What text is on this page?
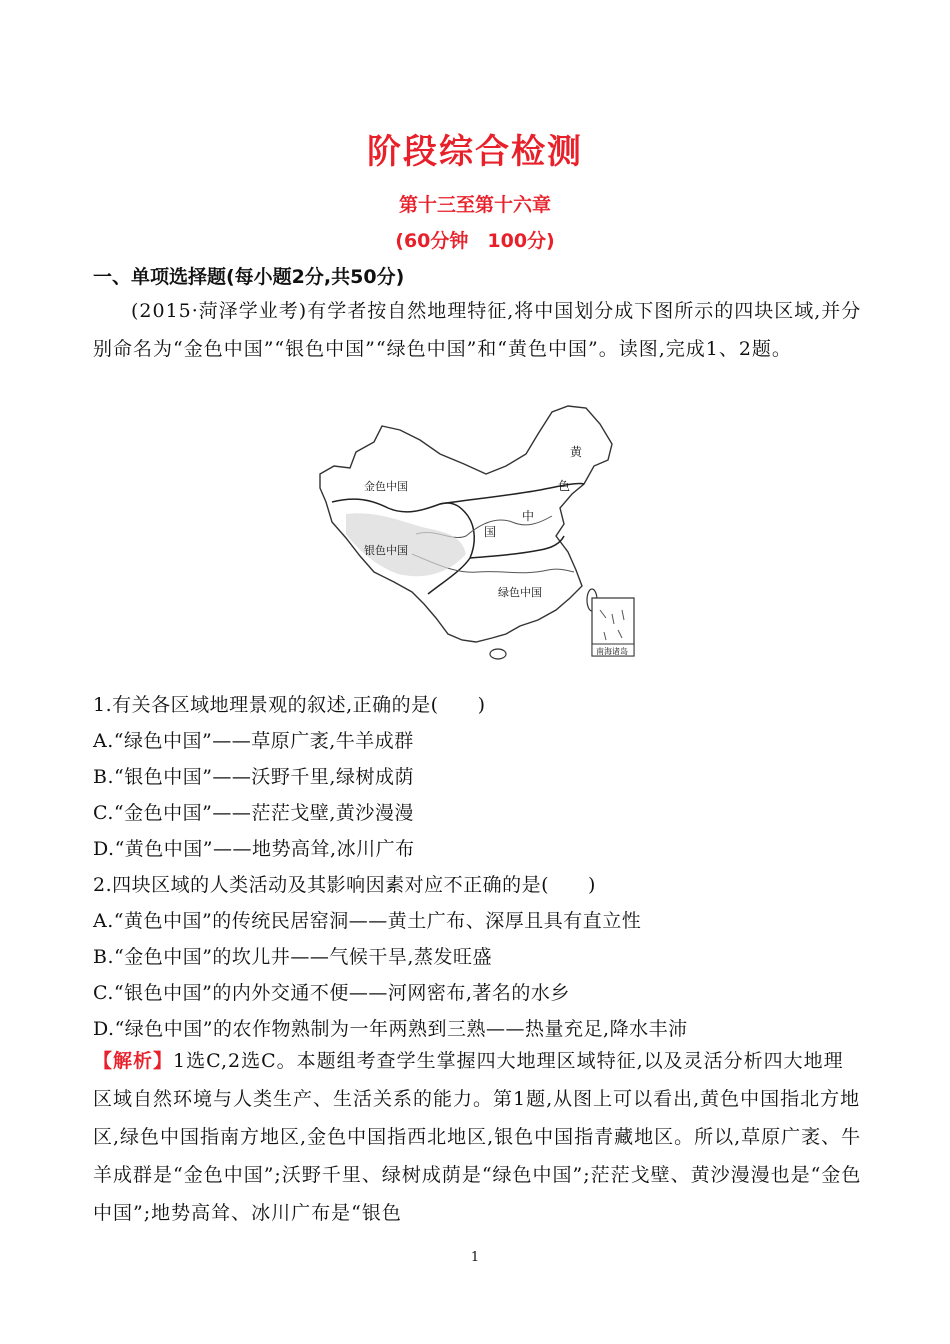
阶段综合检测
第十三至第十六章
(60分钟　100分)
一、单项选择题(每小题2分,共50分)
(2015·菏泽学业考)有学者按自然地理特征,将中国划分成下图所示的四块区域,并分别命名为“金色中国”“银色中国”“绿色中国”和“黄色中国”。读图,完成1、2题。
金色中国
银色中国
绿色中国
黄
色
中
国
南海诸岛
1.有关各区域地理景观的叙述,正确的是(　　)
A.“绿色中国”——草原广袤,牛羊成群
B.“银色中国”——沃野千里,绿树成荫
C.“金色中国”——茫茫戈壁,黄沙漫漫
D.“黄色中国”——地势高耸,冰川广布
2.四块区域的人类活动及其影响因素对应不正确的是(　　)
A.“黄色中国”的传统民居窑洞——黄土广布、深厚且具有直立性
B.“金色中国”的坎儿井——气候干旱,蒸发旺盛
C.“银色中国”的内外交通不便——河网密布,著名的水乡
D.“绿色中国”的农作物熟制为一年两熟到三熟——热量充足,降水丰沛
【解析】1选C,2选C。本题组考查学生掌握四大地理区域特征,以及灵活分析四大地理区域自然环境与人类生产、生活关系的能力。第1题,从图上可以看出,黄色中国指北方地区,绿色中国指南方地区,金色中国指西北地区,银色中国指青藏地区。所以,草原广袤、牛羊成群是“金色中国”;沃野千里、绿树成荫是“绿色中国”;茫茫戈壁、黄沙漫漫也是“金色中国”;地势高耸、冰川广布是“银色
1
